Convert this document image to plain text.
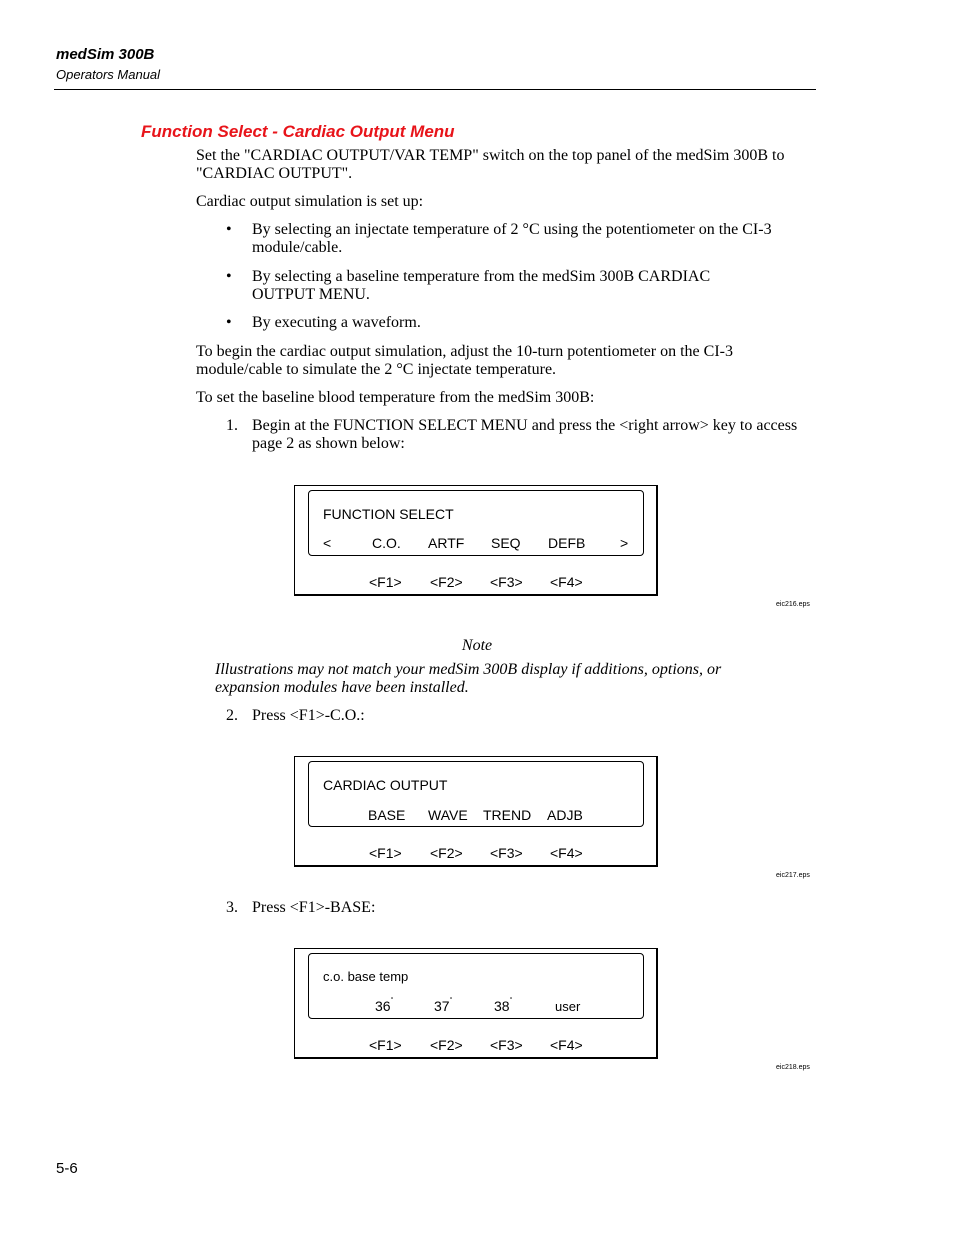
medSim 300B
Operators Manual
Function Select - Cardiac Output Menu

Set the "CARDIAC OUTPUT/VAR TEMP" switch on the top panel of the medSim 300B to "CARDIAC OUTPUT".

Cardiac output simulation is set up:

• By selecting an injectate temperature of 2 °C using the potentiometer on the CI-3 module/cable.
• By selecting a baseline temperature from the medSim 300B CARDIAC OUTPUT MENU.
• By executing a waveform.

To begin the cardiac output simulation, adjust the 10-turn potentiometer on the CI-3 module/cable to simulate the 2 °C injectate temperature.

To set the baseline blood temperature from the medSim 300B:

1. Begin at the FUNCTION SELECT MENU and press the <right arrow> key to access page 2 as shown below:
FUNCTION SELECT
<	C.O. ARTF SEQ DEFB >
<F1> <F2> <F3> <F4>
eic216.eps
Note
Illustrations may not match your medSim 300B display if additions, options, or expansion modules have been installed.
2. Press <F1>-C.O.:
CARDIAC OUTPUT
BASE WAVE TREND ADJB
<F1> <F2> <F3> <F4>
eic217.eps
3. Press <F1>-BASE:
c.o. base temp
36°	37°	38°	user
<F1> <F2> <F3> <F4>
eic218.eps
5-6
